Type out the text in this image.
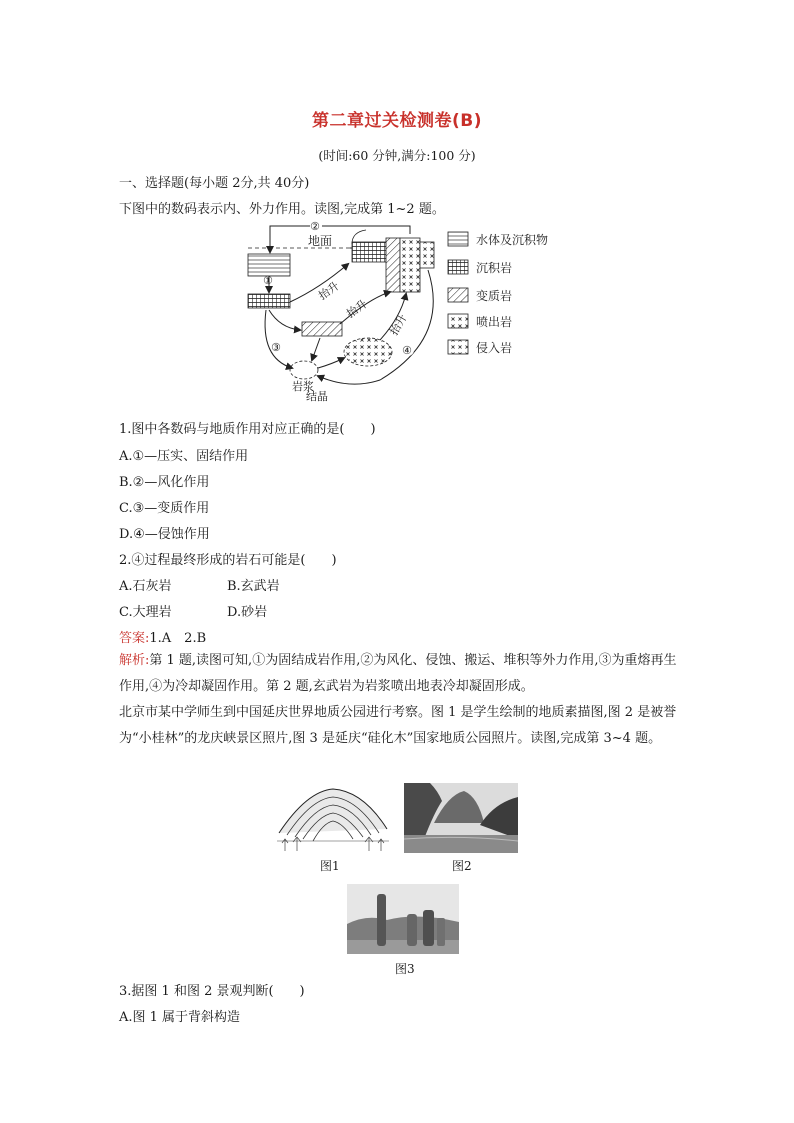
第二章过关检测卷(B)
(时间:60 分钟,满分:100 分)
一、选择题(每小题 2分,共 40分)
下图中的数码表示内、外力作用。读图,完成第 1~2 题。
地面
①
②
抬升
抬升
抬升
③	④
岩浆
水体及沉积物
沉积岩
变质岩
喷出岩
侵入岩
结晶
1.图中各数码与地质作用对应正确的是(　　)
A.①—压实、固结作用
B.②—风化作用
C.③—变质作用
D.④—侵蚀作用
2.④过程最终形成的岩石可能是(　　)
A.石灰岩	B.玄武岩
C.大理岩	D.砂岩
答案:1.A　2.B
解析:第 1 题,读图可知,①为固结成岩作用,②为风化、侵蚀、搬运、堆积等外力作用,③为重熔再生作用,④为冷却凝固作用。第 2 题,玄武岩为岩浆喷出地表冷却凝固形成。
北京市某中学师生到中国延庆世界地质公园进行考察。图 1 是学生绘制的地质素描图,图 2 是被誉为“小桂林”的龙庆峡景区照片,图 3 是延庆“硅化木”国家地质公园照片。读图,完成第 3~4 题。
图1	图2
图3
3.据图 1 和图 2 景观判断(　　)
A.图 1 属于背斜构造
